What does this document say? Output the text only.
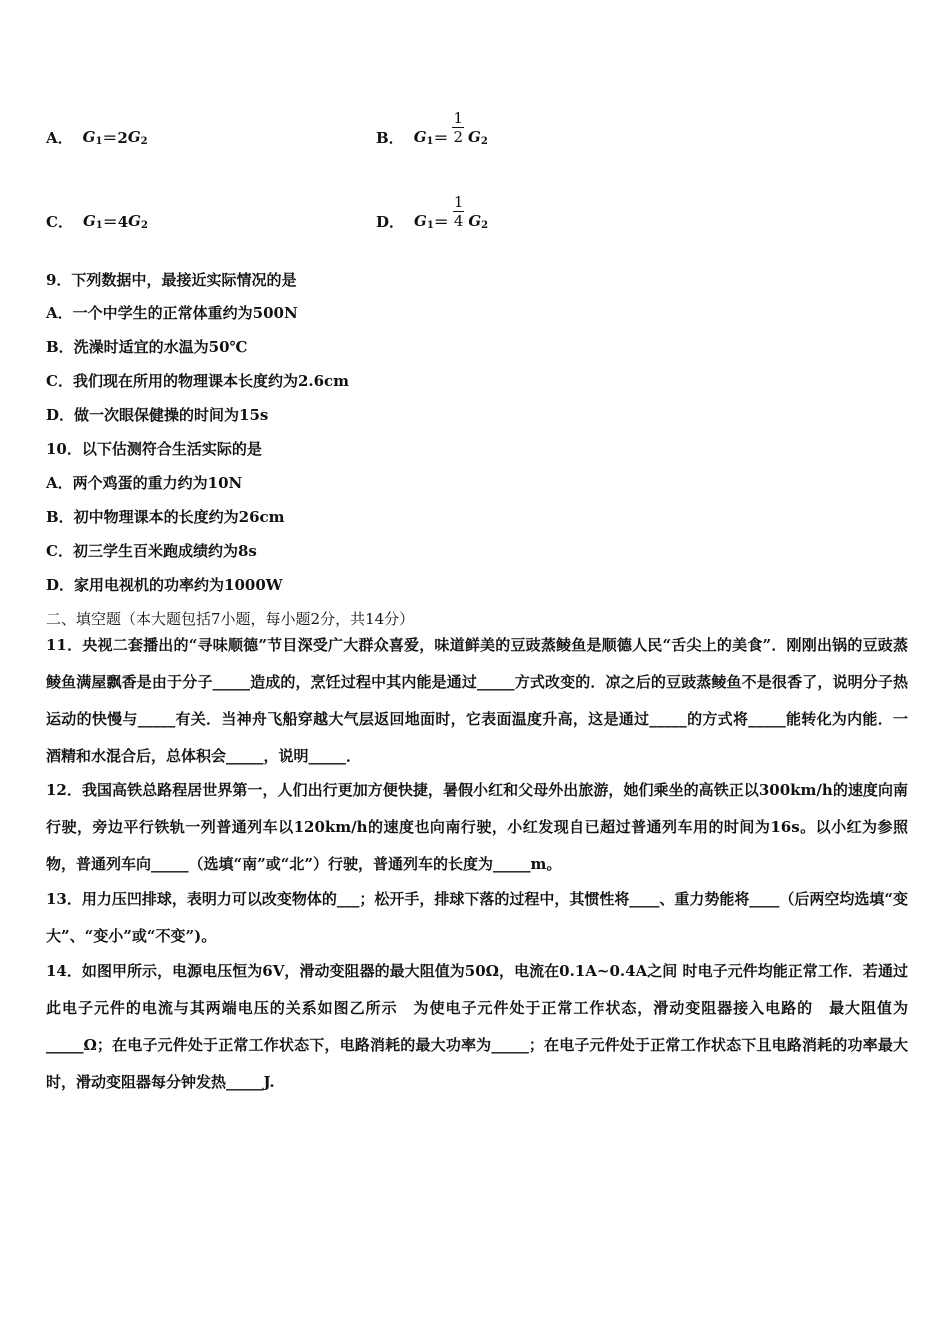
A． G 1 ＝2 G 2	B． G $1 = \frac{1}{2}$ G 2
C． G 1 ＝4 G 2	D． G $1 = \frac{1}{4}$ G 2
9．下列数据中，最接近实际情况的是
A．一个中学生的正常体重约为500N
B．洗澡时适宜的水温为50℃
C．我们现在所用的物理课本长度约为2.6cm
D．做一次眼保健操的时间为15s
10．以下估测符合生活实际的是
A．两个鸡蛋的重力约为10N
B．初中物理课本的长度约为26cm
C．初三学生百米跑成绩约为8s
D．家用电视机的功率约为1000W
二、填空题（本大题包括7小题，每小题2分，共14分）
11．央视二套播出的“寻味顺德”节目深受广大群众喜爱，味道鲜美的豆豉蒸鲮鱼是顺德人民“舌尖上的美食”．刚刚出锅的豆豉蒸鲮鱼满屋飘香是由于分子_____造成的，烹饪过程中其内能是通过_____方式改变的．凉之后的豆豉蒸鲮鱼不是很香了，说明分子热运动的快慢与_____有关．当神舟飞船穿越大气层返回地面时，它表面温度升高，这是通过_____的方式将_____能转化为内能．一酒精和水混合后，总体积会_____，说明_____．
12．我国高铁总路程居世界第一，人们出行更加方便快捷，暑假小红和父母外出旅游，她们乘坐的高铁正以300km/h的速度向南行驶，旁边平行铁轨一列普通列车以120km/h的速度也向南行驶，小红发现自已超过普通列车用的时间为16s。以小红为参照物，普通列车向_____（选填“南”或“北”）行驶，普通列车的长度为_____m。
13．用力压凹排球，表明力可以改变物体的___；松开手，排球下落的过程中，其惯性将____、重力势能将____（后两空均选填“变大”、“变小”或“不变”)。
14．如图甲所示，电源电压恒为6V，滑动变阻器的最大阻值为50Ω，电流在0.1A~0.4A之间 时电子元件均能正常工作．若通过此电子元件的电流与其两端电压的关系如图乙所示　为使电子元件处于正常工作状态，滑动变阻器接入电路的　最大阻值为_____Ω；在电子元件处于正常工作状态下，电路消耗的最大功率为_____；在电子元件处于正常工作状态下且电路消耗的功率最大时，滑动变阻器每分钟发热_____J.
